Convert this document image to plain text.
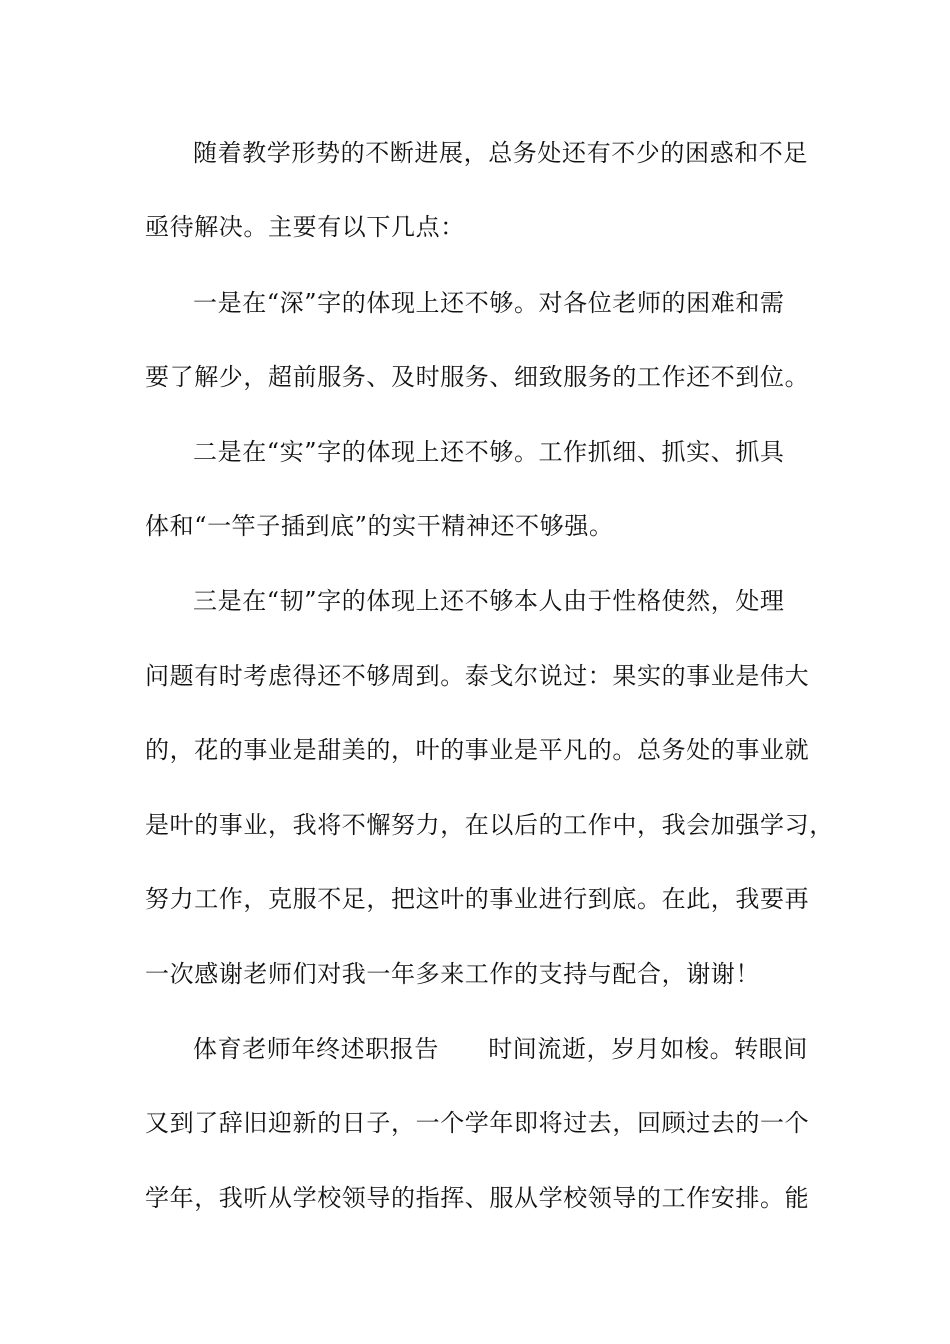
随着教学形势的不断进展，总务处还有不少的困惑和不足
亟待解决。主要有以下几点：
一是在“深”字的体现上还不够。对各位老师的困难和需
要了解少，超前服务、及时服务、细致服务的工作还不到位。
二是在“实”字的体现上还不够。工作抓细、抓实、抓具
体和“一竿子插到底”的实干精神还不够强。
三是在“韧”字的体现上还不够本人由于性格使然，处理
问题有时考虑得还不够周到。泰戈尔说过：果实的事业是伟大
的，花的事业是甜美的，叶的事业是平凡的。总务处的事业就
是叶的事业，我将不懈努力，在以后的工作中，我会加强学习，
努力工作，克服不足，把这叶的事业进行到底。在此，我要再
一次感谢老师们对我一年多来工作的支持与配合，谢谢！
体育老师年终述职报告　　时间流逝，岁月如梭。转眼间
又到了辞旧迎新的日子，一个学年即将过去，回顾过去的一个
学年，我听从学校领导的指挥、服从学校领导的工作安排。能
